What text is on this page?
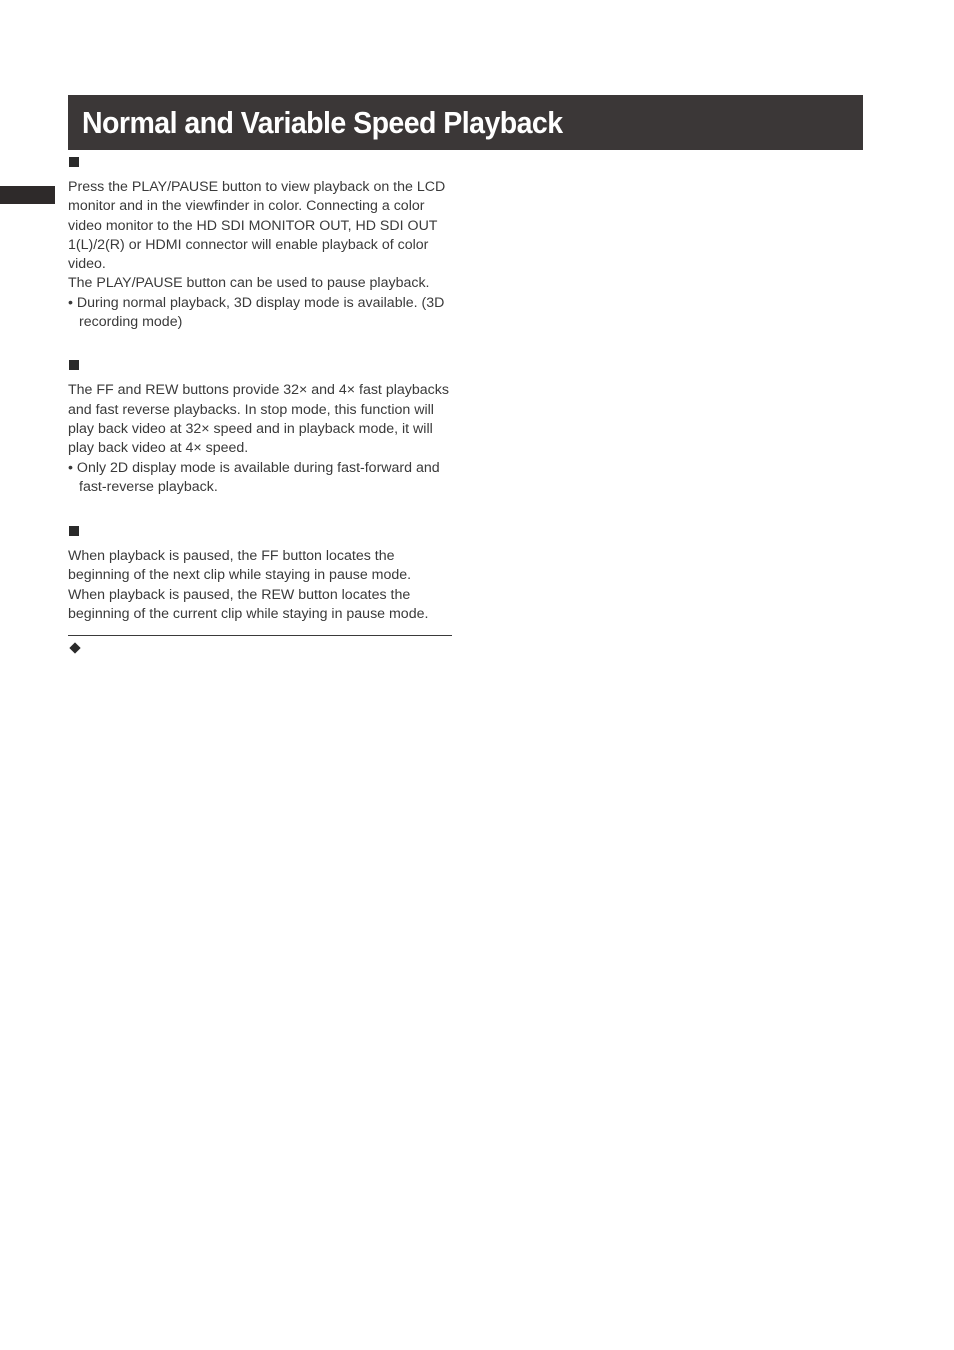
Normal and Variable Speed Playback

Press the PLAY/PAUSE button to view playback on the LCD monitor and in the viewfinder in color. Connecting a color video monitor to the HD SDI MONITOR OUT, HD SDI OUT 1(L)/2(R) or HDMI connector will enable playback of color video.

The PLAY/PAUSE button can be used to pause playback.

• During normal playback, 3D display mode is available. (3D recording mode)

The FF and REW buttons provide 32× and 4× fast playbacks and fast reverse playbacks. In stop mode, this function will play back video at 32× speed and in playback mode, it will play back video at 4× speed.

• Only 2D display mode is available during fast-forward and fast-reverse playback.

When playback is paused, the FF button locates the beginning of the next clip while staying in pause mode.

When playback is paused, the REW button locates the beginning of the current clip while staying in pause mode.
